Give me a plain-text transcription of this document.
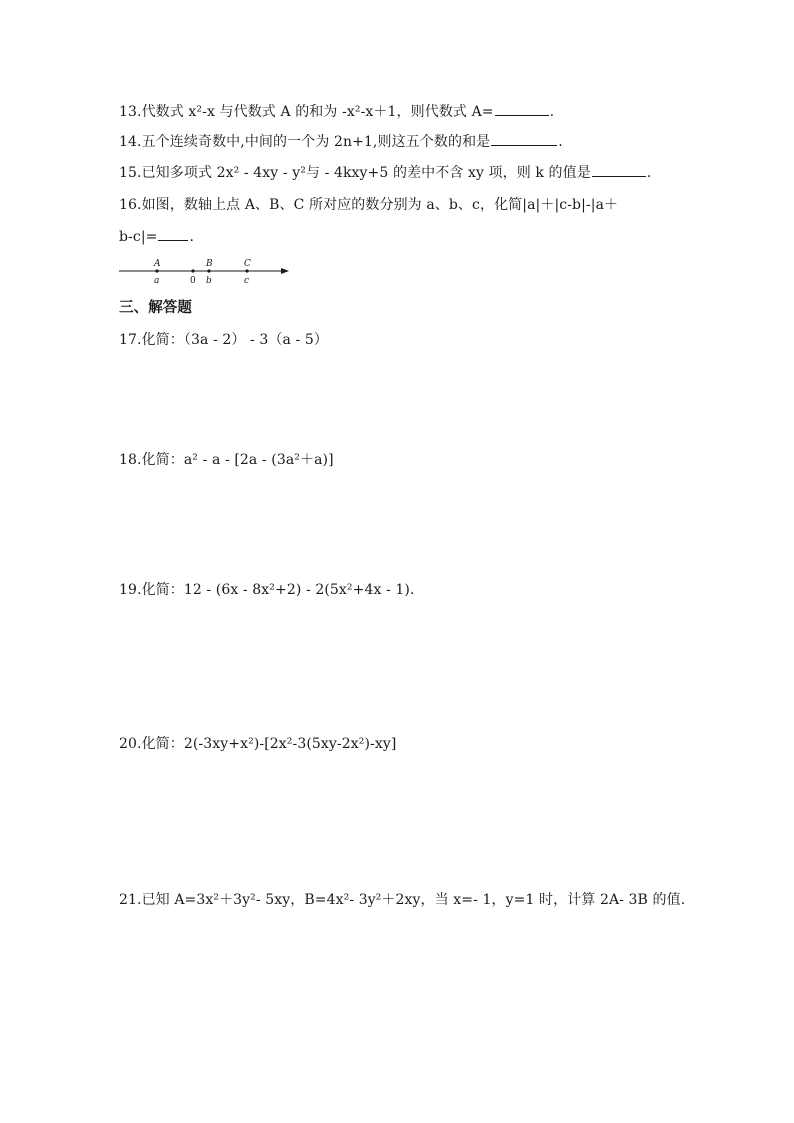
13.代数式 x²-x 与代数式 A 的和为 -x²-x＋1，则代数式 A=	.
14.五个连续奇数中,中间的一个为 2n+1,则这五个数的和是	.
15.已知多项式 2x² - 4xy - y²与 - 4kxy+5 的差中不含 xy 项，则 k 的值是	.
16.如图，数轴上点 A、B、C 所对应的数分别为 a、b、c，化简|a|＋|c-b|-|a＋
b-c|= .
A
a	0
B
b
C
c
三、解答题
17.化简：（3a - 2） - 3（a - 5）
18.化简：a² - a - [2a - (3a²＋a)]
19.化简：12 - (6x - 8x²+2) - 2(5x²+4x - 1).
20.化简：2(-3xy+x²)-[2x²-3(5xy-2x²)-xy]
21.已知 A=3x²＋3y²- 5xy，B=4x²- 3y²＋2xy，当 x=- 1，y=1 时，计算 2A- 3B 的值.
